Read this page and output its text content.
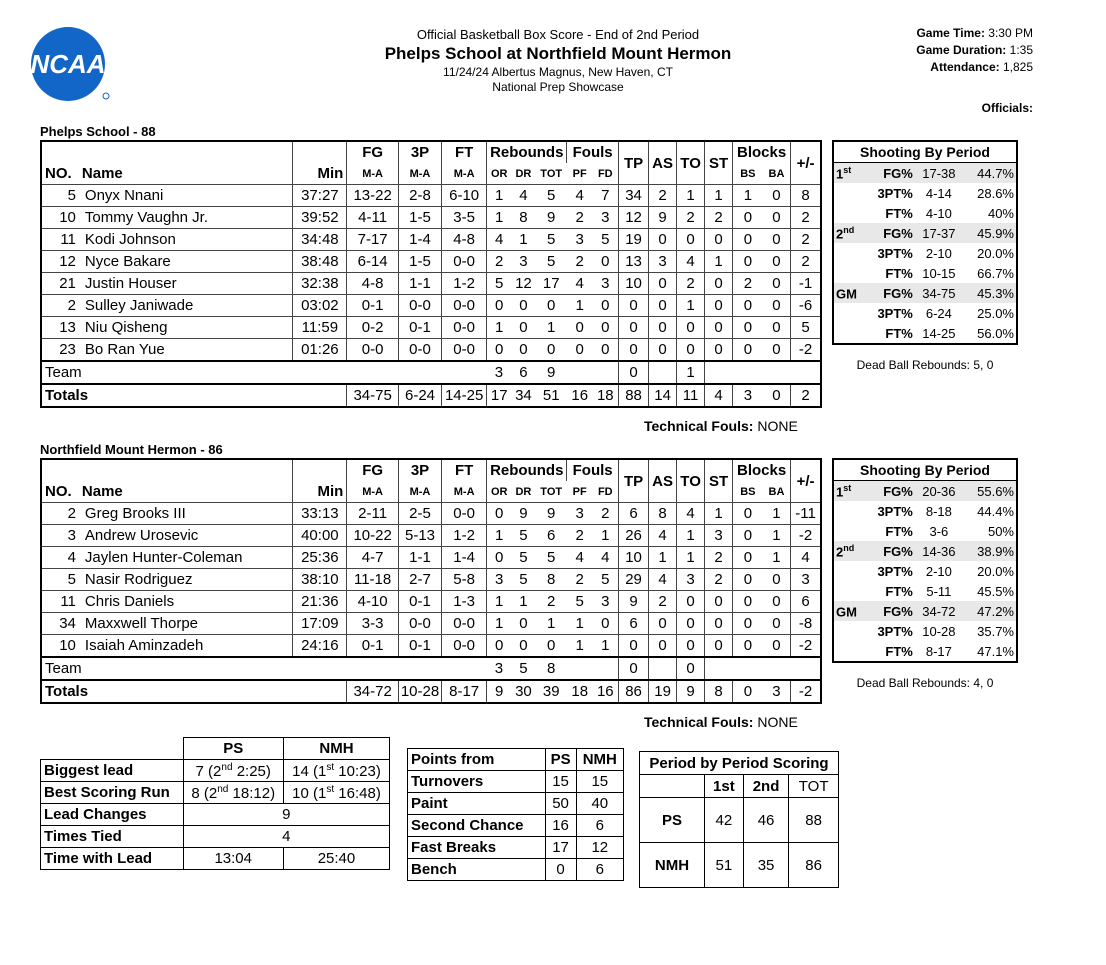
NCAA
Official Basketball Box Score - End of 2nd Period
Phelps School at Northfield Mount Hermon
11/24/24 Albertus Magnus, New Haven, CT
National Prep Showcase
Game Time: 3:30 PM
Game Duration: 1:35
Attendance: 1,825
Officials:
Phelps School - 88
			FG	3P	FT	Rebounds			Fouls		TP	AS	TO	ST	Blocks		+/-
NO.	Name	Min	M-A	M-A	M-A	OR	DR	TOT	PF	FD					BS	BA	
5	Onyx Nnani	37:27	13-22	2-8	6-10	1	4	5	4	7	34	2	1	1	1	0	8
10	Tommy Vaughn Jr.	39:52	4-11	1-5	3-5	1	8	9	2	3	12	9	2	2	0	0	2
11	Kodi Johnson	34:48	7-17	1-4	4-8	4	1	5	3	5	19	0	0	0	0	0	2
12	Nyce Bakare	38:48	6-14	1-5	0-0	2	3	5	2	0	13	3	4	1	0	0	2
21	Justin Houser	32:38	4-8	1-1	1-2	5	12	17	4	3	10	0	2	0	2	0	-1
2	Sulley Janiwade	03:02	0-1	0-0	0-0	0	0	0	1	0	0	0	1	0	0	0	-6
13	Niu Qisheng	11:59	0-2	0-1	0-0	1	0	1	0	0	0	0	0	0	0	0	5
23	Bo Ran Yue	01:26	0-0	0-0	0-0	0	0	0	0	0	0	0	0	0	0	0	-2
Team						3	6	9			0		1				
Totals			34-75	6-24	14-25	17	34	51	16	18	88	14	11	4	3	0	2
Technical Fouls: NONE
Shooting By Period			
1st	FG%	17-38	44.7%
	3PT%	4-14	28.6%
	FT%	4-10	40%
2nd	FG%	17-37	45.9%
	3PT%	2-10	20.0%
	FT%	10-15	66.7%
GM	FG%	34-75	45.3%
	3PT%	6-24	25.0%
	FT%	14-25	56.0%
Dead Ball Rebounds: 5, 0
Northfield Mount Hermon - 86
			FG	3P	FT	Rebounds			Fouls		TP	AS	TO	ST	Blocks		+/-
NO.	Name	Min	M-A	M-A	M-A	OR	DR	TOT	PF	FD					BS	BA	
2	Greg Brooks III	33:13	2-11	2-5	0-0	0	9	9	3	2	6	8	4	1	0	1	-11
3	Andrew Urosevic	40:00	10-22	5-13	1-2	1	5	6	2	1	26	4	1	3	0	1	-2
4	Jaylen Hunter-Coleman	25:36	4-7	1-1	1-4	0	5	5	4	4	10	1	1	2	0	1	4
5	Nasir Rodriguez	38:10	11-18	2-7	5-8	3	5	8	2	5	29	4	3	2	0	0	3
11	Chris Daniels	21:36	4-10	0-1	1-3	1	1	2	5	3	9	2	0	0	0	0	6
34	Maxxwell Thorpe	17:09	3-3	0-0	0-0	1	0	1	1	0	6	0	0	0	0	0	-8
10	Isaiah Aminzadeh	24:16	0-1	0-1	0-0	0	0	0	1	1	0	0	0	0	0	0	-2
Team						3	5	8			0		0				
Totals			34-72	10-28	8-17	9	30	39	18	16	86	19	9	8	0	3	-2
Technical Fouls: NONE
Shooting By Period			
1st	FG%	20-36	55.6%
	3PT%	8-18	44.4%
	FT%	3-6	50%
2nd	FG%	14-36	38.9%
	3PT%	2-10	20.0%
	FT%	5-11	45.5%
GM	FG%	34-72	47.2%
	3PT%	10-28	35.7%
	FT%	8-17	47.1%
Dead Ball Rebounds: 4, 0
	PS	NMH
Biggest lead	7 (2nd 2:25)	14 (1st 10:23)
Best Scoring Run	8 (2nd 18:12)	10 (1st 16:48)
Lead Changes	9	
Times Tied	4	
Time with Lead	13:04	25:40
Points from	PS	NMH
Turnovers	15	15
Paint	50	40
Second Chance	16	6
Fast Breaks	17	12
Bench	0	6
Period by Period Scoring			
	1st	2nd	TOT
PS	42	46	88
NMH	51	35	86
